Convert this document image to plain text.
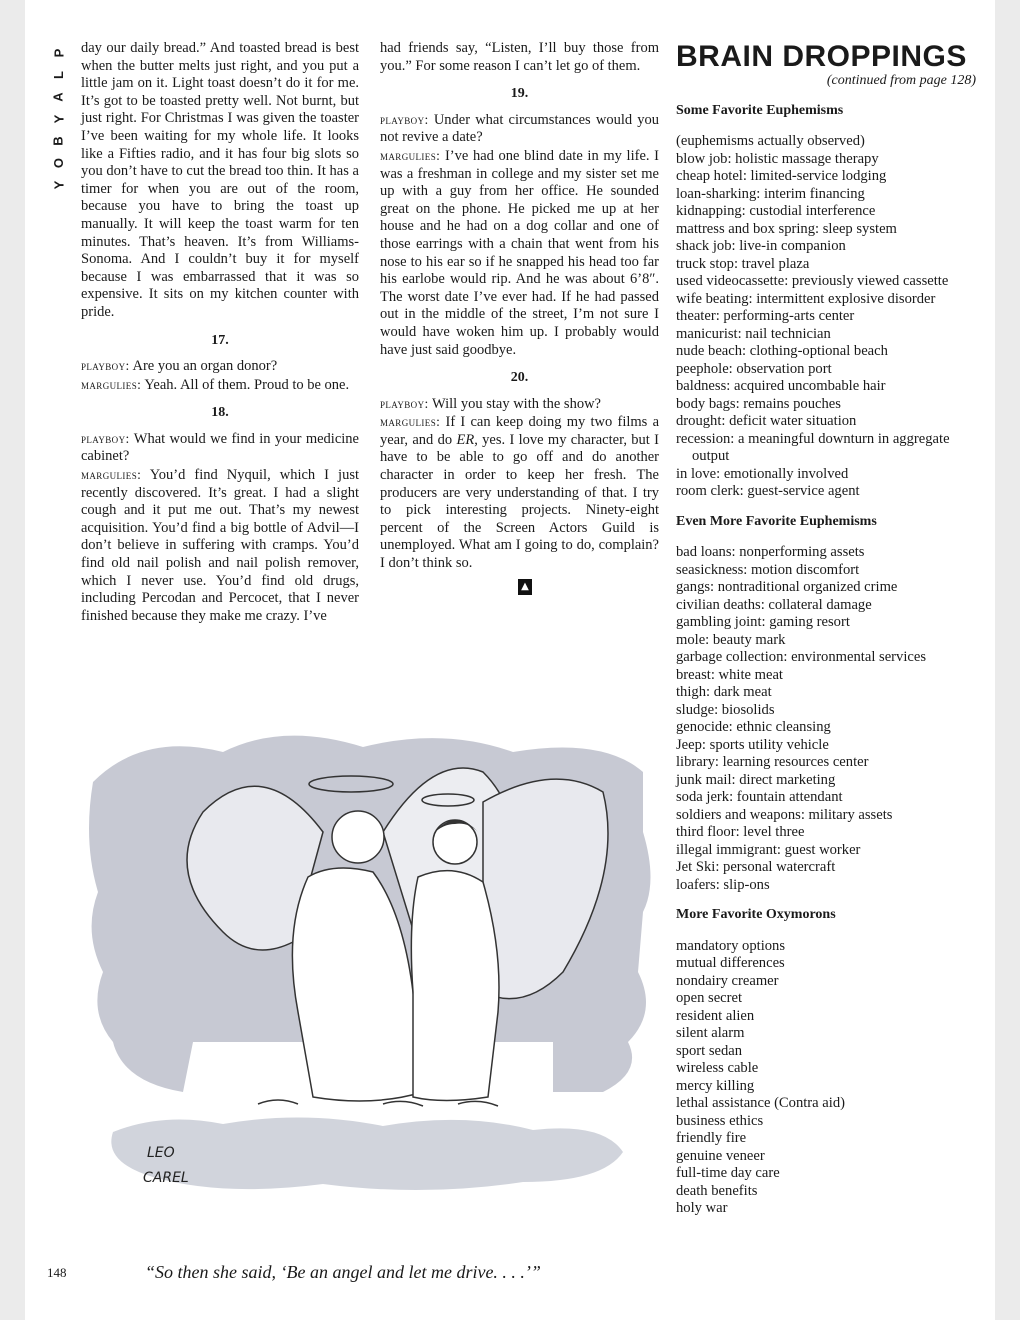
P
L
A
Y
B
O
Y

day our daily bread.” And toasted bread is best when the butter melts just right, and you put a little jam on it. Light toast doesn’t do it for me. It’s got to be toasted pretty well. Not burnt, but just right. For Christmas I was given the toaster I’ve been waiting for my whole life. It looks like a Fifties radio, and it has four big slots so you don’t have to cut the bread too thin. It has a timer for when you are out of the room, because you have to bring the toast up manually. It will keep the toast warm for ten minutes. That’s heaven. It’s from Williams-Sonoma. And I couldn’t buy it for myself because I was embarrassed that it was so expensive. It sits on my kitchen counter with pride.

17.

playboy: Are you an organ donor?

margulies: Yeah. All of them. Proud to be one.

18.

playboy: What would we find in your medicine cabinet?

margulies: You’d find Nyquil, which I just recently discovered. It’s great. I had a slight cough and it put me out. That’s my newest acquisition. You’d find a big bottle of Advil—I don’t believe in suffering with cramps. You’d find old nail polish and nail polish remover, which I never use. You’d find old drugs, including Percodan and Percocet, that I never finished because they make me crazy. I’ve

had friends say, “Listen, I’ll buy those from you.” For some reason I can’t let go of them.

19.

playboy: Under what circumstances would you not revive a date?

margulies: I’ve had one blind date in my life. I was a freshman in college and my sister set me up with a guy from her office. He sounded great on the phone. He picked me up at her house and he had on a dog collar and one of those earrings with a chain that went from his nose to his ear so if he snapped his head too far his earlobe would rip. And he was about 6’8″. The worst date I’ve ever had. If he had passed out in the middle of the street, I’m not sure I would have woken him up. I probably would have just said goodbye.

20.

playboy: Will you stay with the show?

margulies: If I can keep doing my two films a year, and do ER, yes. I love my character, but I have to be able to go off and do another character in order to keep her fresh. The producers are very understanding of that. I try to pick interesting projects. Ninety-eight percent of the Screen Actors Guild is unemployed. What am I going to do, complain? I don’t think so.

▲
BRAIN DROPPINGS
(continued from page 128)
Some Favorite Euphemisms
(euphemisms actually observed)
blow job: holistic massage therapy
cheap hotel: limited-service lodging
loan-sharking: interim financing
kidnapping: custodial interference
mattress and box spring: sleep system
shack job: live-in companion
truck stop: travel plaza
used videocassette: previously viewed cassette
wife beating: intermittent explosive disorder
theater: performing-arts center
manicurist: nail technician
nude beach: clothing-optional beach
peephole: observation port
baldness: acquired uncombable hair
body bags: remains pouches
drought: deficit water situation
recession: a meaningful downturn in aggregate output
in love: emotionally involved
room clerk: guest-service agent
Even More Favorite Euphemisms
bad loans: nonperforming assets
seasickness: motion discomfort
gangs: nontraditional organized crime
civilian deaths: collateral damage
gambling joint: gaming resort
mole: beauty mark
garbage collection: environmental services
breast: white meat
thigh: dark meat
sludge: biosolids
genocide: ethnic cleansing
Jeep: sports utility vehicle
library: learning resources center
junk mail: direct marketing
soda jerk: fountain attendant
soldiers and weapons: military assets
third floor: level three
illegal immigrant: guest worker
Jet Ski: personal watercraft
loafers: slip-ons
More Favorite Oxymorons
mandatory options
mutual differences
nondairy creamer
open secret
resident alien
silent alarm
sport sedan
wireless cable
mercy killing
lethal assistance (Contra aid)
business ethics
friendly fire
genuine veneer
full-time day care
death benefits
holy war
LEO
CAREL
“So then she said, ‘Be an angel and let me drive. . . .’”
148
